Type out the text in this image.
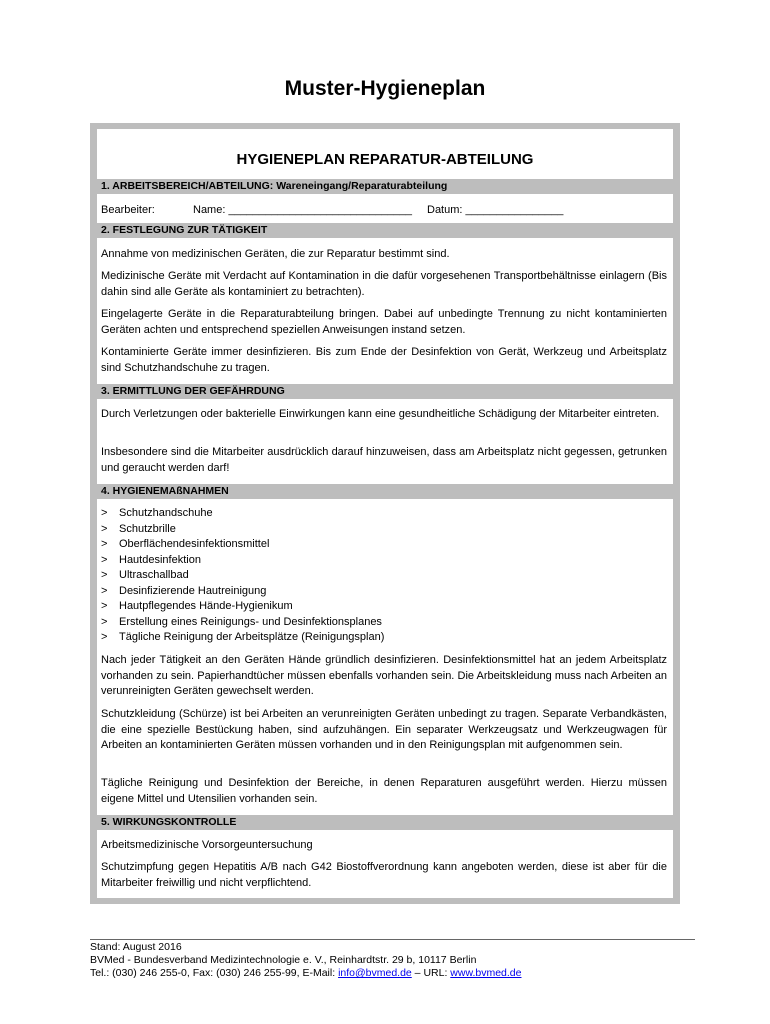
Muster-Hygieneplan
HYGIENEPLAN REPARATUR-ABTEILUNG
1. ARBEITSBEREICH/ABTEILUNG: Wareneingang/Reparaturabteilung
Bearbeiter:	Name: ______________________________ Datum: ________________
2. FESTLEGUNG ZUR TÄTIGKEIT
Annahme von medizinischen Geräten, die zur Reparatur bestimmt sind.
Medizinische Geräte mit Verdacht auf Kontamination in die dafür vorgesehenen Transportbehältnisse einlagern (Bis dahin sind alle Geräte als kontaminiert zu betrachten).
Eingelagerte Geräte in die Reparaturabteilung bringen. Dabei auf unbedingte Trennung zu nicht kontaminierten Geräten achten und entsprechend speziellen Anweisungen instand setzen.
Kontaminierte Geräte immer desinfizieren. Bis zum Ende der Desinfektion von Gerät, Werkzeug und Arbeitsplatz sind Schutzhandschuhe zu tragen.
3. ERMITTLUNG DER GEFÄHRDUNG
Durch Verletzungen oder bakterielle Einwirkungen kann eine gesundheitliche Schädigung der Mitarbeiter eintreten.
Insbesondere sind die Mitarbeiter ausdrücklich darauf hinzuweisen, dass am Arbeitsplatz nicht gegessen, getrunken und geraucht werden darf!
4. HYGIENEMAßNAHMEN
> Schutzhandschuhe
> Schutzbrille
> Oberflächendesinfektionsmittel
> Hautdesinfektion
> Ultraschallbad
> Desinfizierende Hautreinigung
> Hautpflegendes Hände-Hygienikum
> Erstellung eines Reinigungs- und Desinfektionsplanes
> Tägliche Reinigung der Arbeitsplätze (Reinigungsplan)
Nach jeder Tätigkeit an den Geräten Hände gründlich desinfizieren. Desinfektionsmittel hat an jedem Arbeitsplatz vorhanden zu sein. Papierhandtücher müssen ebenfalls vorhanden sein. Die Arbeitskleidung muss nach Arbeiten an verunreinigten Geräten gewechselt werden.
Schutzkleidung (Schürze) ist bei Arbeiten an verunreinigten Geräten unbedingt zu tragen. Separate Verbandkästen, die eine spezielle Bestückung haben, sind aufzuhängen. Ein separater Werkzeugsatz und Werkzeugwagen für Arbeiten an kontaminierten Geräten müssen vorhanden und in den Reinigungsplan mit aufgenommen sein.
Tägliche Reinigung und Desinfektion der Bereiche, in denen Reparaturen ausgeführt werden. Hierzu müssen eigene Mittel und Utensilien vorhanden sein.
5. WIRKUNGSKONTROLLE
Arbeitsmedizinische Vorsorgeuntersuchung
Schutzimpfung gegen Hepatitis A/B nach G42 Biostoffverordnung kann angeboten werden, diese ist aber für die Mitarbeiter freiwillig und nicht verpflichtend.
Stand: August 2016
BVMed - Bundesverband Medizintechnologie e. V., Reinhardtstr. 29 b, 10117 Berlin
Tel.: (030) 246 255-0, Fax: (030) 246 255-99, E-Mail: info@bvmed.de – URL: www.bvmed.de
